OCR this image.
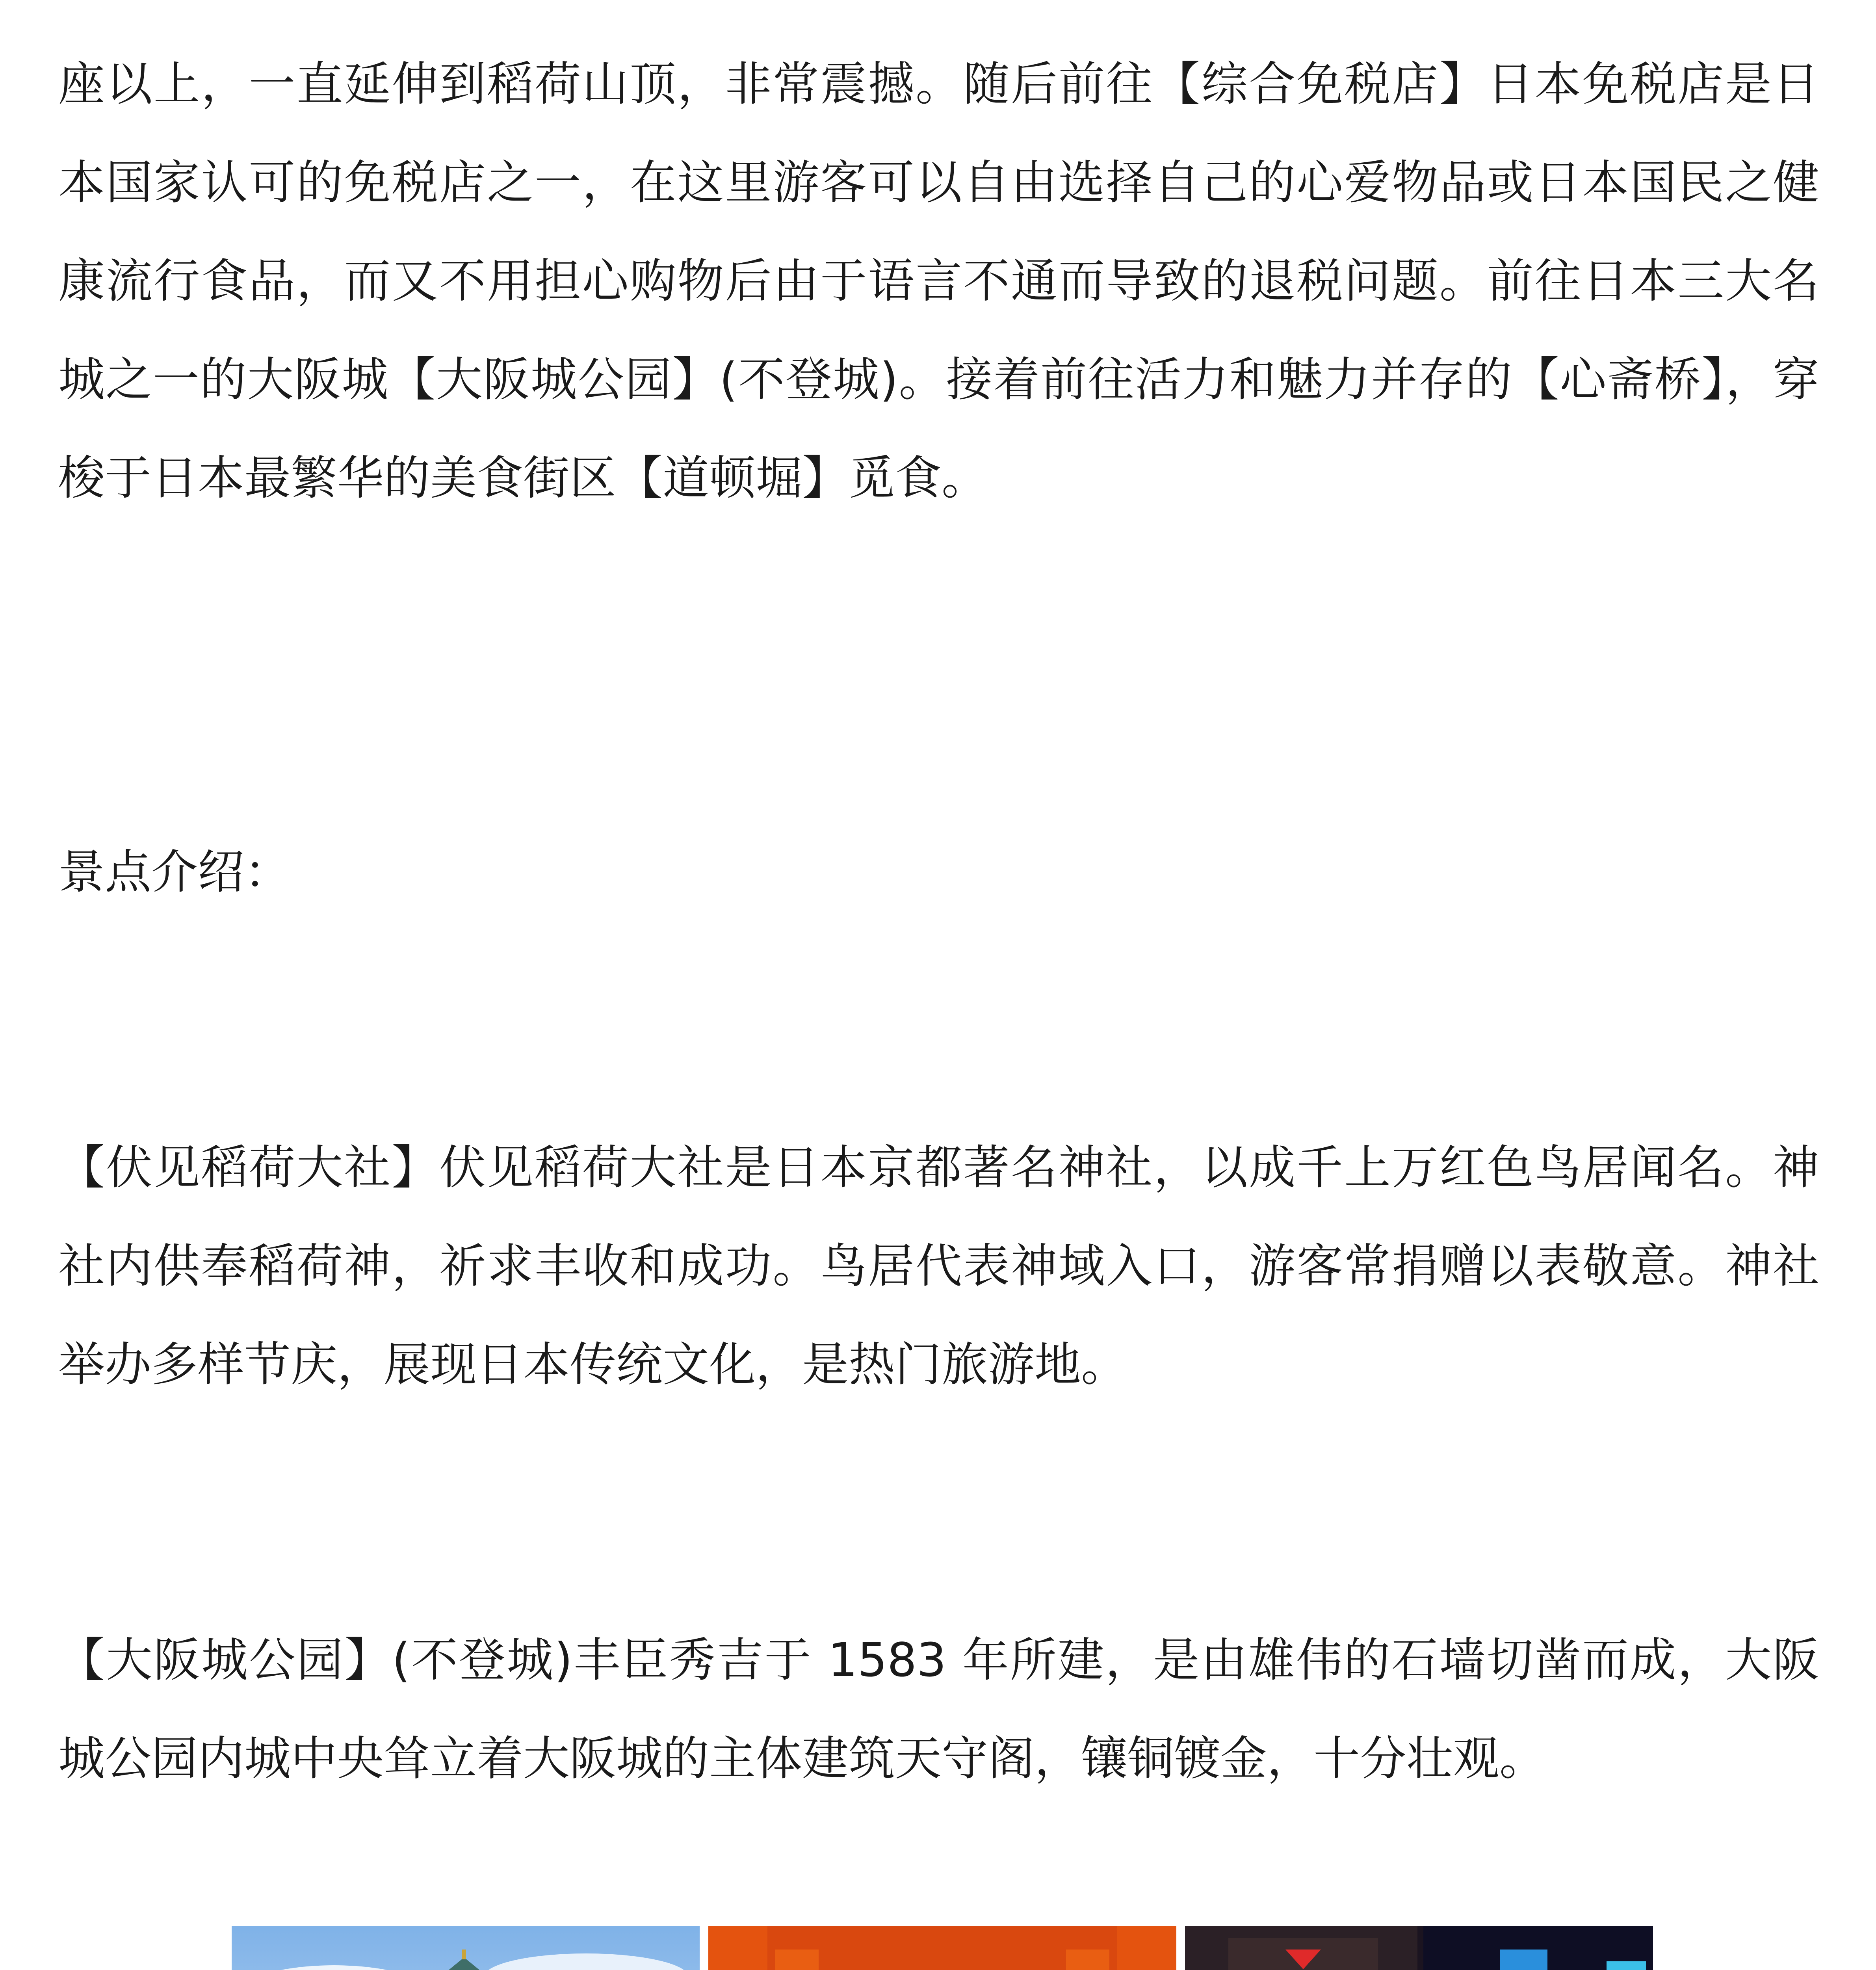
座以上，一直延伸到稻荷山顶，非常震撼。随后前往【综合免税店】日本免税店是日本国家认可的免税店之一，在这里游客可以自由选择自己的心爱物品或日本国民之健康流行食品，而又不用担心购物后由于语言不通而导致的退税问题。前往日本三大名城之一的大阪城【大阪城公园】(不登城)。接着前往活力和魅力并存的【心斋桥】，穿梭于日本最繁华的美食街区【道顿堀】觅食。

景点介绍：

【伏见稻荷大社】伏见稻荷大社是日本京都著名神社，以成千上万红色鸟居闻名。神社内供奉稻荷神，祈求丰收和成功。鸟居代表神域入口，游客常捐赠以表敬意。神社举办多样节庆，展现日本传统文化，是热门旅游地。

【大阪城公园】(不登城)丰臣秀吉于 1583 年所建，是由雄伟的石墙切凿而成，大阪城公园内城中央耸立着大阪城的主体建筑天守阁，镶铜镀金，十分壮观。
